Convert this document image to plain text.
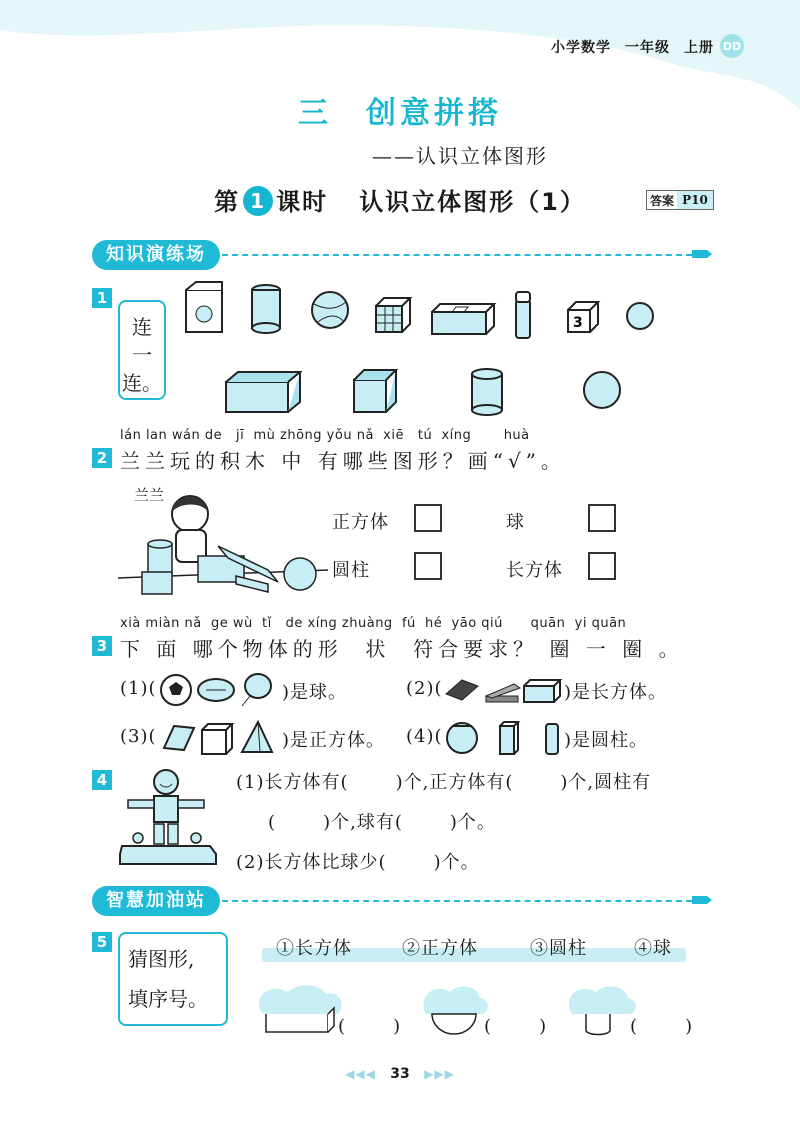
小学数学 一年级 上册 DD
三 创意拼搭
——认识立体图形
第 1 课时 认识立体图形（1）	答案 P10
知识演练场
1
连
一
连。
3
lán lan wán de   jī  mù zhōng yǒu nǎ  xiē   tú  xíng       huà
2 兰兰玩的积木 中 有哪些图形？画“√”。
兰兰
正方体	球
圆柱	长方体
xià miàn nǎ  ge wù  tǐ   de xíng zhuàng  fú  hé  yāo qiú      quān  yi quān
3 下 面 哪个物体的形  状  符合要求？ 圈 一 圈 。
(1)(	)是球。	(2)(	)是长方体。
(3)(	)是正方体。 (4)(	)是圆柱。
4	(1)长方体有(       )个,正方体有(       )个,圆柱有
(       )个,球有(       )个。
(2)长方体比球少(       )个。
智慧加油站
5
猜图形,
填序号。
①长方体	②正方体	③圆柱	④球
(       )	(       )	(       )
◀◀◀ 33 ▶▶▶
